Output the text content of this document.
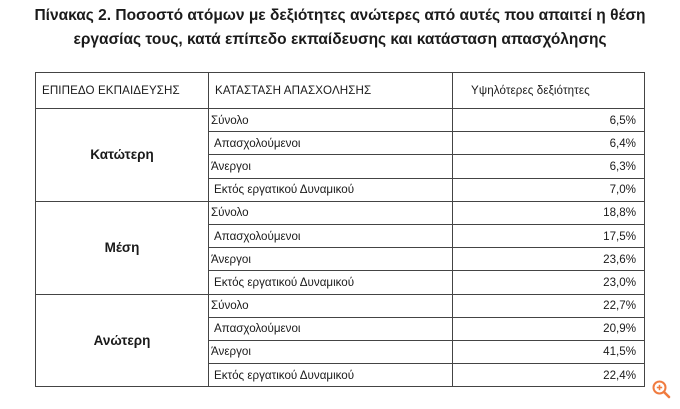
Πίνακας 2. Ποσοστό ατόμων με δεξιότητες ανώτερες από αυτές που απαιτεί η θέση
εργασίας τους, κατά επίπεδο εκπαίδευσης και κατάσταση απασχόλησης
ΕΠΙΠΕΔΟ ΕΚΠΑΙΔΕΥΣΗΣ	ΚΑΤΑΣΤΑΣΗ ΑΠΑΣΧΟΛΗΣΗΣ	Υψηλότερες δεξιότητες
Κατώτερη	Σύνολο	6,5%
	Απασχολούμενοι	6,4%
	Άνεργοι	6,3%
	Εκτός εργατικού Δυναμικού	7,0%
Μέση	Σύνολο	18,8%
	Απασχολούμενοι	17,5%
	Άνεργοι	23,6%
	Εκτός εργατικού Δυναμικού	23,0%
Ανώτερη	Σύνολο	22,7%
	Απασχολούμενοι	20,9%
	Άνεργοι	41,5%
	Εκτός εργατικού Δυναμικού	22,4%
